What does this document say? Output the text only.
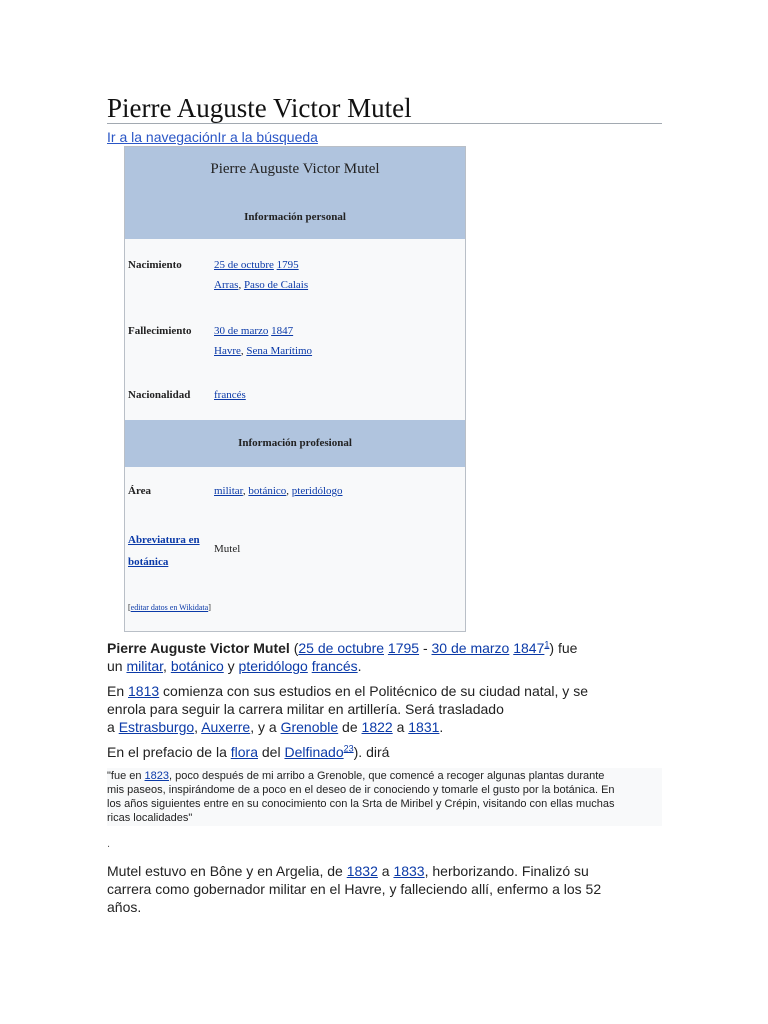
Pierre Auguste Victor Mutel
Ir a la navegaciónIr a la búsqueda
Pierre Auguste Victor Mutel
Información personal
Nacimiento	25 de octubre 1795
Arras, Paso de Calais
Fallecimiento 30 de marzo 1847
Havre, Sena Marítimo
Nacionalidad francés
Información profesional
Área	militar, botánico, pteridólogo
Abreviatura en
botánica
Mutel
[editar datos en Wikidata]
Pierre Auguste Victor Mutel (25 de octubre 1795 - 30 de marzo 1847$^1$) fue
un militar, botánico y pteridólogo francés.
En 1813 comienza con sus estudios en el Politécnico de su ciudad natal, y se
enrola para seguir la carrera militar en artillería. Será trasladado
a Estrasburgo, Auxerre, y a Grenoble de 1822 a 1831.
En el prefacio de la flora del Delfinado$^{23}$). dirá

"fue en 1823, poco después de mi arribo a Grenoble, que comencé a recoger algunas plantas durante
mis paseos, inspirándome de a poco en el deseo de ir conociendo y tomarle el gusto por la botánica. En
los años siguientes entre en su conocimiento con la Srta de Miribel y Crépin, visitando con ellas muchas
ricas localidades"

.
Mutel estuvo en Bône y en Argelia, de 1832 a 1833, herborizando. Finalizó su
carrera como gobernador militar en el Havre, y falleciendo allí, enfermo a los 52
años.
